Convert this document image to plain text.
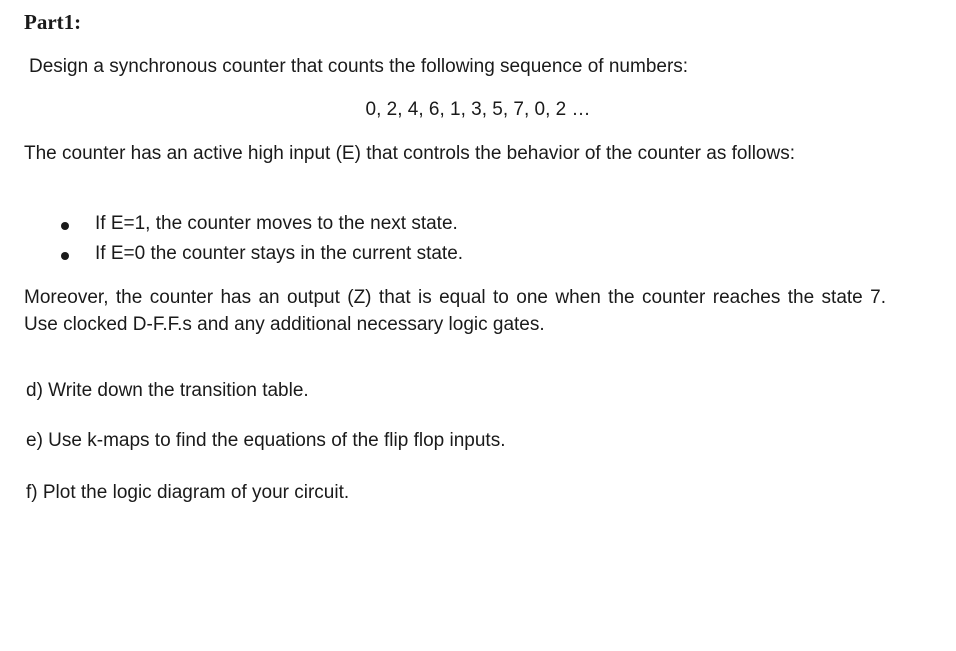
Part1:

Design a synchronous counter that counts the following sequence of numbers:

0, 2, 4, 6, 1, 3, 5, 7, 0, 2 …

The counter has an active high input (E) that controls the behavior of the counter as follows:

If E=1, the counter moves to the next state.

If E=0 the counter stays in the current state.

Moreover, the counter has an output (Z) that is equal to one when the counter reaches the state 7. Use clocked D-F.F.s and any additional necessary logic gates.

d) Write down the transition table.

e) Use k-maps to find the equations of the flip flop inputs.

f) Plot the logic diagram of your circuit.
